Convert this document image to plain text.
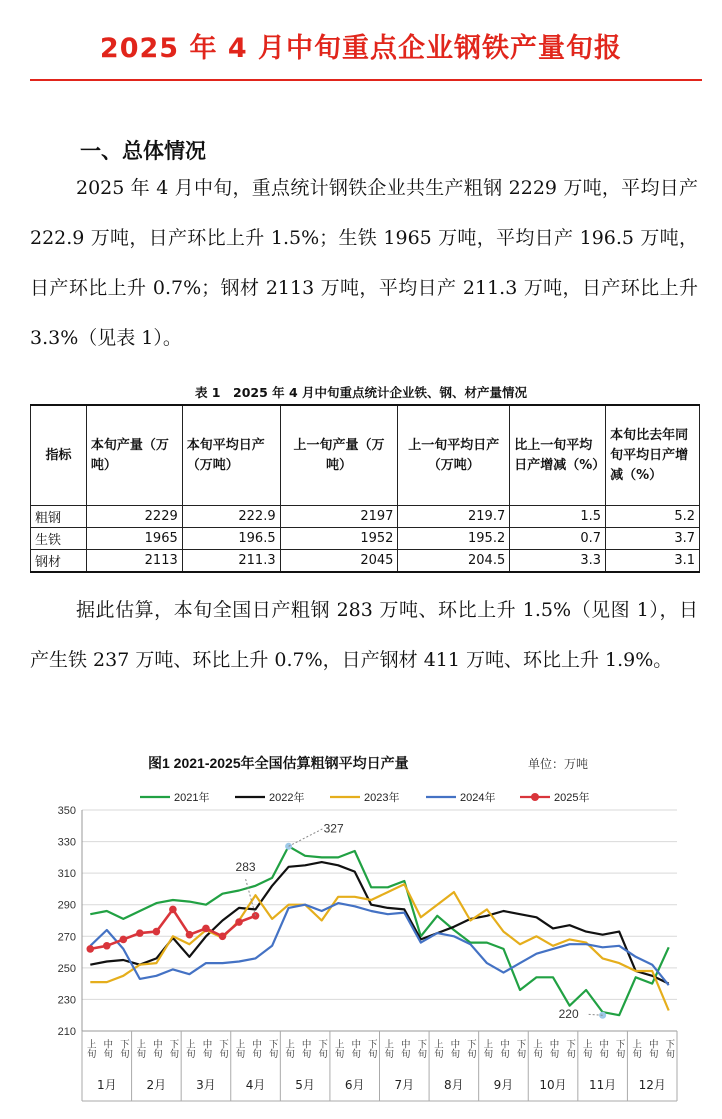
2025 年 4 月中旬重点企业钢铁产量旬报
一、总体情况

2025 年 4 月中旬，重点统计钢铁企业共生产粗钢 2229 万吨，平均日产 222.9 万吨，日产环比上升 1.5%；生铁 1965 万吨，平均日产 196.5 万吨，日产环比上升 0.7%；钢材 2113 万吨，平均日产 211.3 万吨，日产环比上升 3.3%（见表 1）。

表 1　2025 年 4 月中旬重点统计企业铁、钢、材产量情况
指标	本旬产量（万吨）	本旬平均日产（万吨）	上一旬产量（万吨）	上一旬平均日产（万吨）	比上一旬平均日产增减（%）	本旬比去年同旬平均日产增减（%）
粗钢	2229	222.9	2197	219.7	1.5	5.2
生铁	1965	196.5	1952	195.2	0.7	3.7
钢材	2113	211.3	2045	204.5	3.3	3.1

据此估算，本旬全国日产粗钢 283 万吨、环比上升 1.5%（见图 1），日产生铁 237 万吨、环比上升 0.7%，日产钢材 411 万吨、环比上升 1.9%。

图1 2021-2025年全国估算粗钢平均日产量	单位：万吨
2021年	2022年	2023年	2024年	2025年
210
230
250
270
290
310
330
350
上旬 中旬 下旬 上旬 中旬 下旬 上旬 中旬 下旬 上旬 中旬 下旬 上旬 中旬 下旬 上旬 中旬 下旬 上旬 中旬 下旬 上旬 中旬 下旬 上旬 中旬 下旬 上旬 中旬 下旬 上旬 中旬 下旬 上旬 中旬 下旬
1月 2月 3月 4月 5月 6月 7月 8月 9月 10月 11月 12月
327
283
220
